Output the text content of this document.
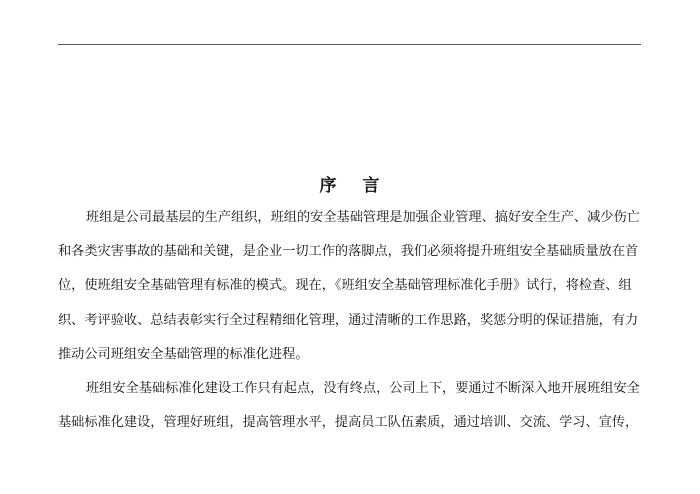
序 言
班组是公司最基层的生产组织，班组的安全基础管理是加强企业管理、搞好安全生产、减少伤亡
和各类灾害事故的基础和关键，是企业一切工作的落脚点，我们必须将提升班组安全基础质量放在首
位，使班组安全基础管理有标准的模式。现在，《班组安全基础管理标准化手册》试行，将检查、组
织、考评验收、总结表彰实行全过程精细化管理，通过清晰的工作思路，奖惩分明的保证措施，有力
推动公司班组安全基础管理的标准化进程。
班组安全基础标准化建设工作只有起点，没有终点，公司上下，要通过不断深入地开展班组安全
基础标准化建设，管理好班组，提高管理水平，提高员工队伍素质，通过培训、交流、学习、宣传，
